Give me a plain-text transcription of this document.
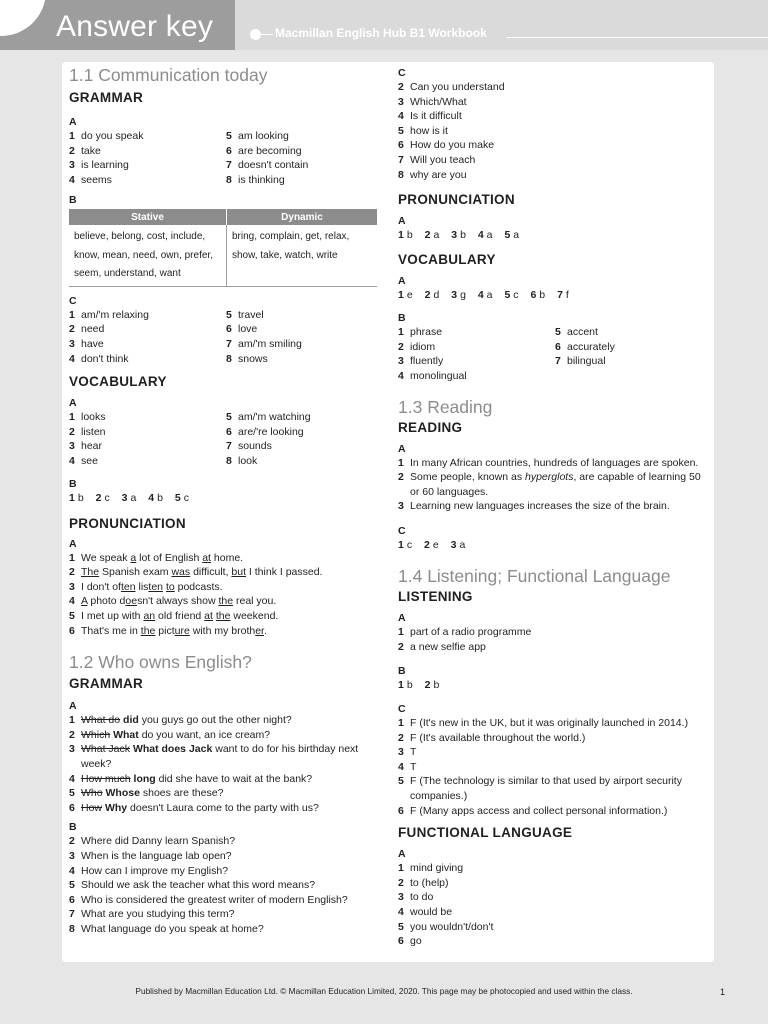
Answer key	Macmillan English Hub B1 Workbook
1.1 Communication today
GRAMMAR
A
1 do you speak	5 am looking
2 take	6 are becoming
3 is learning	7 doesn't contain
4 seems	8 is thinking
B
Stative	Dynamic
believe, belong, cost, include, know, mean, need, own, prefer, seem, understand, want	bring, complain, get, relax, show, take, watch, write
C
1 am/'m relaxing	5 travel
2 need	6 love
3 have	7 am/'m smiling
4 don't think	8 snows
VOCABULARY
A
1 looks	5 am/'m watching
2 listen	6 are/'re looking
3 hear	7 sounds
4 see	8 look
B
1 b 2 c 3 a 4 b 5 c
PRONUNCIATION
A
1 We speak a lot of English at home.
2 The Spanish exam was difficult, but I think I passed.
3 I don't often listen to podcasts.
4 A photo doesn't always show the real you.
5 I met up with an old friend at the weekend.
6 That's me in the picture with my brother.
1.2 Who owns English?
GRAMMAR
A
1 What do did you guys go out the other night?
2 Which What do you want, an ice cream?
3 What Jack What does Jack want to do for his birthday next week?
4 How much long did she have to wait at the bank?
5 Who Whose shoes are these?
6 How Why doesn't Laura come to the party with us?
B
2 Where did Danny learn Spanish?
3 When is the language lab open?
4 How can I improve my English?
5 Should we ask the teacher what this word means?
6 Who is considered the greatest writer of modern English?
7 What are you studying this term?
8 What language do you speak at home?
C
2 Can you understand
3 Which/What
4 Is it difficult
5 how is it
6 How do you make
7 Will you teach
8 why are you
PRONUNCIATION
A
1 b 2 a 3 b 4 a 5 a
VOCABULARY
A
1 e 2 d 3 g 4 a 5 c 6 b 7 f
B
1 phrase	5 accent
2 idiom	6 accurately
3 fluently	7 bilingual
4 monolingual
1.3 Reading
READING
A
1 In many African countries, hundreds of languages are spoken.
2 Some people, known as hyperglots, are capable of learning 50 or 60 languages.
3 Learning new languages increases the size of the brain.
C
1 c 2 e 3 a
1.4 Listening; Functional Language
LISTENING
A
1 part of a radio programme
2 a new selfie app
B
1 b 2 b
C
1 F (It's new in the UK, but it was originally launched in 2014.)
2 F (It's available throughout the world.)
3 T
4 T
5 F (The technology is similar to that used by airport security companies.)
6 F (Many apps access and collect personal information.)
FUNCTIONAL LANGUAGE
A
1 mind giving
2 to (help)
3 to do
4 would be
5 you wouldn't/don't
6 go
Published by Macmillan Education Ltd. © Macmillan Education Limited, 2020. This page may be photocopied and used within the class.	1
